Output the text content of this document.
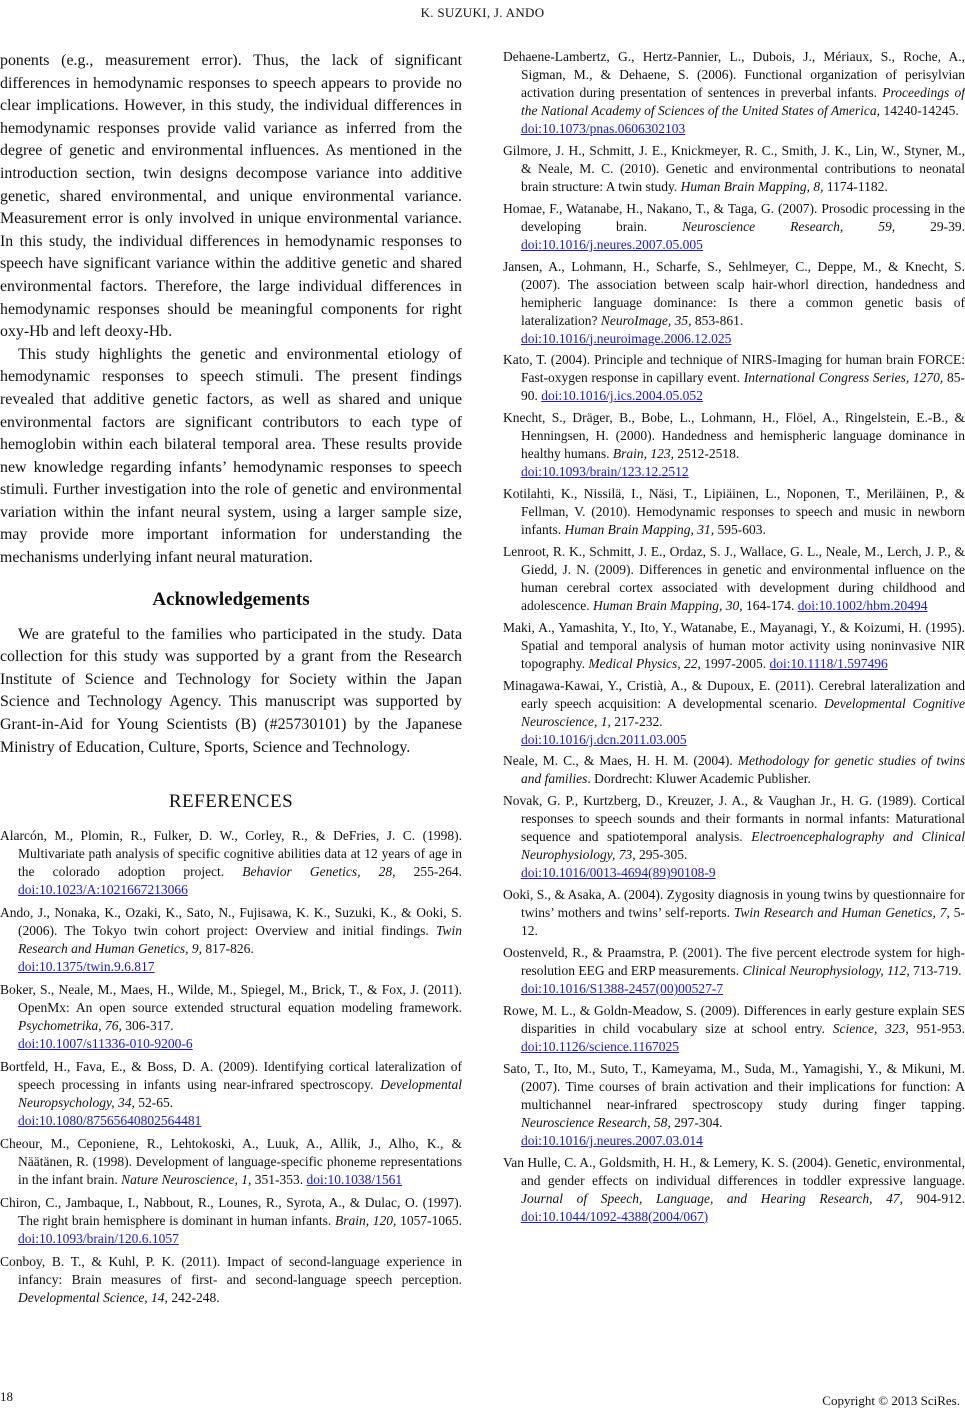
K. SUZUKI, J. ANDO

ponents (e.g., measurement error). Thus, the lack of significant differences in hemodynamic responses to speech appears to provide no clear implications. However, in this study, the individual differences in hemodynamic responses provide valid variance as inferred from the degree of genetic and environmental influences. As mentioned in the introduction section, twin designs decompose variance into additive genetic, shared environmental, and unique environmental variance. Measurement error is only involved in unique environmental variance. In this study, the individual differences in hemodynamic responses to speech have significant variance within the additive genetic and shared environmental factors. Therefore, the large individual differences in hemodynamic responses should be meaningful components for right oxy-Hb and left deoxy-Hb.

This study highlights the genetic and environmental etiology of hemodynamic responses to speech stimuli. The present findings revealed that additive genetic factors, as well as shared and unique environmental factors are significant contributors to each type of hemoglobin within each bilateral temporal area. These results provide new knowledge regarding infants’ hemodynamic responses to speech stimuli. Further investigation into the role of genetic and environmental variation within the infant neural system, using a larger sample size, may provide more important information for understanding the mechanisms underlying infant neural maturation.

Acknowledgements

We are grateful to the families who participated in the study. Data collection for this study was supported by a grant from the Research Institute of Science and Technology for Society within the Japan Science and Technology Agency. This manuscript was supported by Grant-in-Aid for Young Scientists (B) (#25730101) by the Japanese Ministry of Education, Culture, Sports, Science and Technology.

REFERENCES

Alarcón, M., Plomin, R., Fulker, D. W., Corley, R., & DeFries, J. C. (1998). Multivariate path analysis of specific cognitive abilities data at 12 years of age in the colorado adoption project. Behavior Genetics, 28, 255-264. doi:10.1023/A:1021667213066

Ando, J., Nonaka, K., Ozaki, K., Sato, N., Fujisawa, K. K., Suzuki, K., & Ooki, S. (2006). The Tokyo twin cohort project: Overview and initial findings. Twin Research and Human Genetics, 9, 817-826.
doi:10.1375/twin.9.6.817

Boker, S., Neale, M., Maes, H., Wilde, M., Spiegel, M., Brick, T., & Fox, J. (2011). OpenMx: An open source extended structural equation modeling framework. Psychometrika, 76, 306-317.
doi:10.1007/s11336-010-9200-6

Bortfeld, H., Fava, E., & Boss, D. A. (2009). Identifying cortical lateralization of speech processing in infants using near-infrared spectroscopy. Developmental Neuropsychology, 34, 52-65.
doi:10.1080/87565640802564481

Cheour, M., Ceponiene, R., Lehtokoski, A., Luuk, A., Allik, J., Alho, K., & Näätänen, R. (1998). Development of language-specific phoneme representations in the infant brain. Nature Neuroscience, 1, 351-353. doi:10.1038/1561

Chiron, C., Jambaque, I., Nabbout, R., Lounes, R., Syrota, A., & Dulac, O. (1997). The right brain hemisphere is dominant in human infants. Brain, 120, 1057-1065. doi:10.1093/brain/120.6.1057

Conboy, B. T., & Kuhl, P. K. (2011). Impact of second-language experience in infancy: Brain measures of first- and second-language speech perception. Developmental Science, 14, 242-248.

Dehaene-Lambertz, G., Hertz-Pannier, L., Dubois, J., Mériaux, S., Roche, A., Sigman, M., & Dehaene, S. (2006). Functional organization of perisylvian activation during presentation of sentences in preverbal infants. Proceedings of the National Academy of Sciences of the United States of America, 14240-14245.
doi:10.1073/pnas.0606302103

Gilmore, J. H., Schmitt, J. E., Knickmeyer, R. C., Smith, J. K., Lin, W., Styner, M., & Neale, M. C. (2010). Genetic and environmental contributions to neonatal brain structure: A twin study. Human Brain Mapping, 8, 1174-1182.

Homae, F., Watanabe, H., Nakano, T., & Taga, G. (2007). Prosodic processing in the developing brain. Neuroscience Research, 59, 29-39. doi:10.1016/j.neures.2007.05.005

Jansen, A., Lohmann, H., Scharfe, S., Sehlmeyer, C., Deppe, M., & Knecht, S. (2007). The association between scalp hair-whorl direction, handedness and hemipheric language dominance: Is there a common genetic basis of lateralization? NeuroImage, 35, 853-861.
doi:10.1016/j.neuroimage.2006.12.025

Kato, T. (2004). Principle and technique of NIRS-Imaging for human brain FORCE: Fast-oxygen response in capillary event. International Congress Series, 1270, 85-90. doi:10.1016/j.ics.2004.05.052

Knecht, S., Dräger, B., Bobe, L., Lohmann, H., Flöel, A., Ringelstein, E.-B., & Henningsen, H. (2000). Handedness and hemispheric language dominance in healthy humans. Brain, 123, 2512-2518.
doi:10.1093/brain/123.12.2512

Kotilahti, K., Nissilä, I., Näsi, T., Lipiäinen, L., Noponen, T., Meriläinen, P., & Fellman, V. (2010). Hemodynamic responses to speech and music in newborn infants. Human Brain Mapping, 31, 595-603.

Lenroot, R. K., Schmitt, J. E., Ordaz, S. J., Wallace, G. L., Neale, M., Lerch, J. P., & Giedd, J. N. (2009). Differences in genetic and environmental influence on the human cerebral cortex associated with development during childhood and adolescence. Human Brain Mapping, 30, 164-174. doi:10.1002/hbm.20494

Maki, A., Yamashita, Y., Ito, Y., Watanabe, E., Mayanagi, Y., & Koizumi, H. (1995). Spatial and temporal analysis of human motor activity using noninvasive NIR topography. Medical Physics, 22, 1997-2005. doi:10.1118/1.597496

Minagawa-Kawai, Y., Cristià, A., & Dupoux, E. (2011). Cerebral lateralization and early speech acquisition: A developmental scenario. Developmental Cognitive Neuroscience, 1, 217-232.
doi:10.1016/j.dcn.2011.03.005

Neale, M. C., & Maes, H. H. M. (2004). Methodology for genetic studies of twins and families. Dordrecht: Kluwer Academic Publisher.

Novak, G. P., Kurtzberg, D., Kreuzer, J. A., & Vaughan Jr., H. G. (1989). Cortical responses to speech sounds and their formants in normal infants: Maturational sequence and spatiotemporal analysis. Electroencephalography and Clinical Neurophysiology, 73, 295-305.
doi:10.1016/0013-4694(89)90108-9

Ooki, S., & Asaka, A. (2004). Zygosity diagnosis in young twins by questionnaire for twins’ mothers and twins’ self-reports. Twin Research and Human Genetics, 7, 5-12.

Oostenveld, R., & Praamstra, P. (2001). The five percent electrode system for high-resolution EEG and ERP measurements. Clinical Neurophysiology, 112, 713-719.
doi:10.1016/S1388-2457(00)00527-7

Rowe, M. L., & Goldn-Meadow, S. (2009). Differences in early gesture explain SES disparities in child vocabulary size at school entry. Science, 323, 951-953. doi:10.1126/science.1167025

Sato, T., Ito, M., Suto, T., Kameyama, M., Suda, M., Yamagishi, Y., & Mikuni, M. (2007). Time courses of brain activation and their implications for function: A multichannel near-infrared spectroscopy study during finger tapping. Neuroscience Research, 58, 297-304.
doi:10.1016/j.neures.2007.03.014

Van Hulle, C. A., Goldsmith, H. H., & Lemery, K. S. (2004). Genetic, environmental, and gender effects on individual differences in toddler expressive language. Journal of Speech, Language, and Hearing Research, 47, 904-912. doi:10.1044/1092-4388(2004/067)

18	Copyright © 2013 SciRes.
